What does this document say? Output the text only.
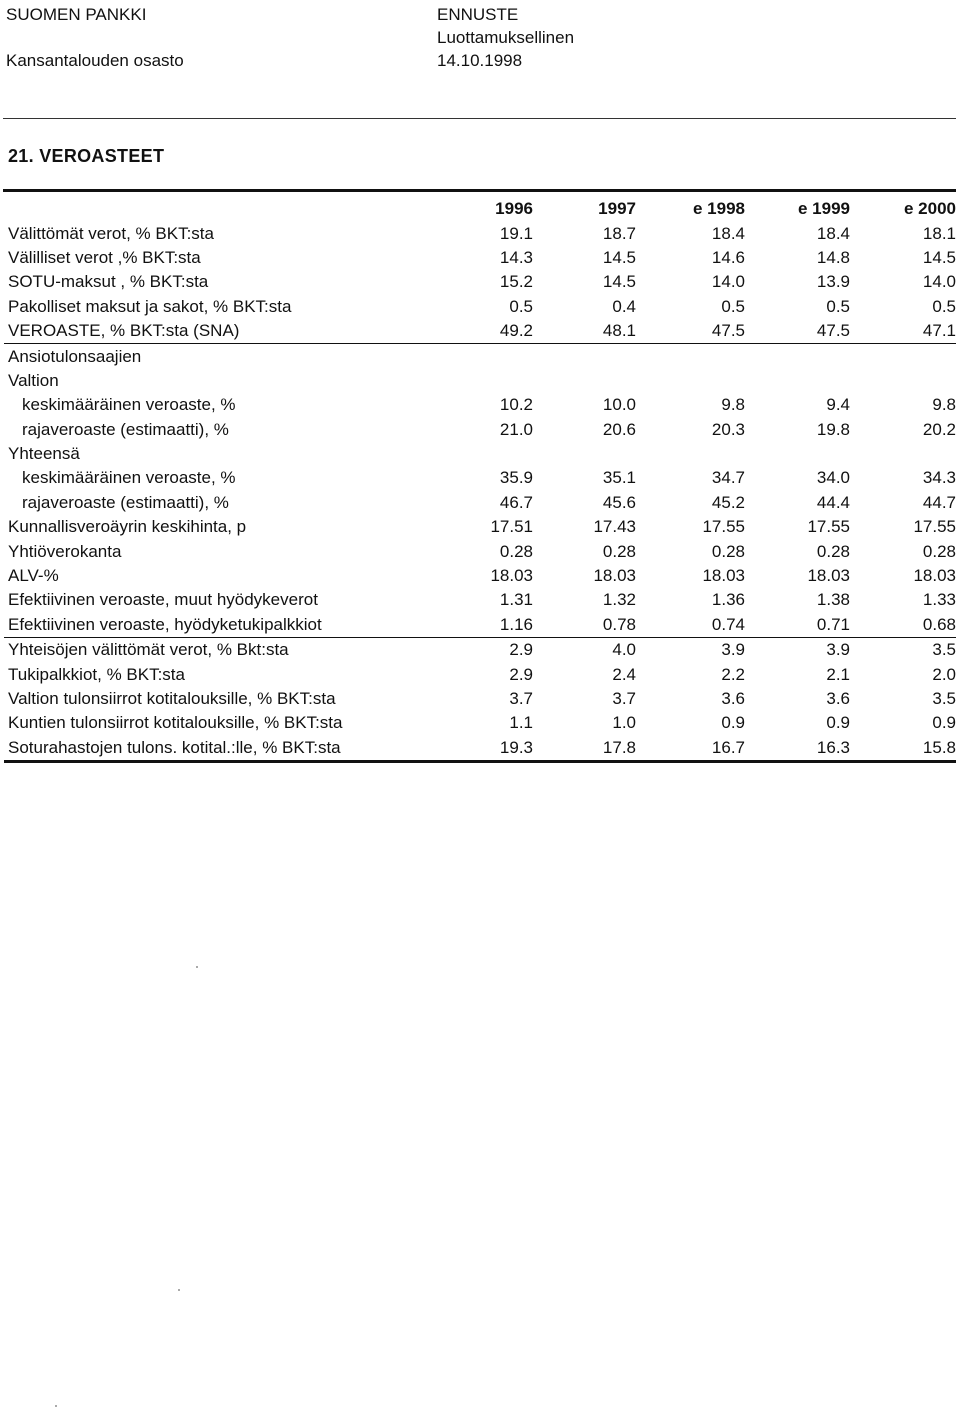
SUOMEN PANKKI
Kansantalouden osasto
ENNUSTE
Luottamuksellinen
14.10.1998
21. VEROASTEET
	1996	1997	e 1998	e 1999	e 2000
Välittömät verot, % BKT:sta	19.1	18.7	18.4	18.4	18.1
Välilliset verot ,% BKT:sta	14.3	14.5	14.6	14.8	14.5
SOTU-maksut , % BKT:sta	15.2	14.5	14.0	13.9	14.0
Pakolliset maksut ja sakot, % BKT:sta	0.5	0.4	0.5	0.5	0.5
VEROASTE, % BKT:sta (SNA)	49.2	48.1	47.5	47.5	47.1
Ansiotulonsaajien					
Valtion					
keskimääräinen veroaste, %	10.2	10.0	9.8	9.4	9.8
rajaveroaste (estimaatti), %	21.0	20.6	20.3	19.8	20.2
Yhteensä					
keskimääräinen veroaste, %	35.9	35.1	34.7	34.0	34.3
rajaveroaste (estimaatti), %	46.7	45.6	45.2	44.4	44.7
Kunnallisveroäyrin keskihinta, p	17.51	17.43	17.55	17.55	17.55
Yhtiöverokanta	0.28	0.28	0.28	0.28	0.28
ALV-%	18.03	18.03	18.03	18.03	18.03
Efektiivinen veroaste, muut hyödykeverot	1.31	1.32	1.36	1.38	1.33
Efektiivinen veroaste, hyödyketukipalkkiot	1.16	0.78	0.74	0.71	0.68
Yhteisöjen välittömät verot, % Bkt:sta	2.9	4.0	3.9	3.9	3.5
Tukipalkkiot, % BKT:sta	2.9	2.4	2.2	2.1	2.0
Valtion tulonsiirrot kotitalouksille, % BKT:sta	3.7	3.7	3.6	3.6	3.5
Kuntien tulonsiirrot kotitalouksille, % BKT:sta	1.1	1.0	0.9	0.9	0.9
Soturahastojen tulons. kotital.:lle, % BKT:sta	19.3	17.8	16.7	16.3	15.8
